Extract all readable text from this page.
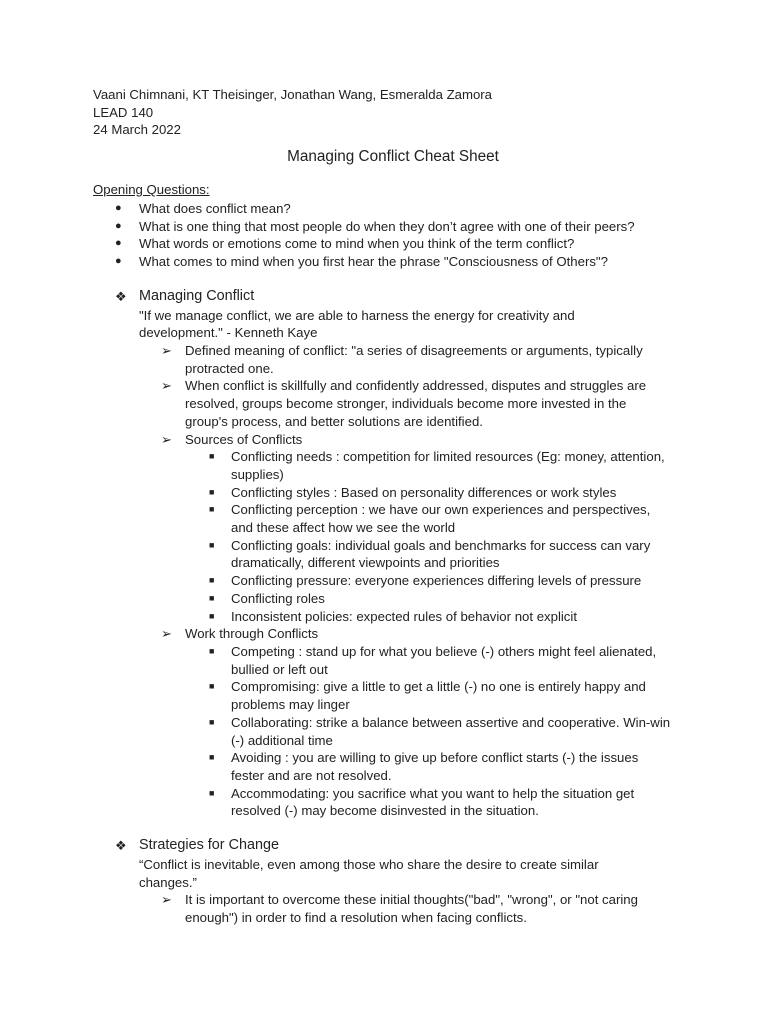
Vaani Chimnani, KT Theisinger, Jonathan Wang, Esmeralda Zamora
LEAD 140
24 March 2022
Managing Conflict Cheat Sheet
Opening Questions:
● What does conflict mean?
● What is one thing that most people do when they don’t agree with one of their peers?
● What words or emotions come to mind when you think of the term conflict?
● What comes to mind when you first hear the phrase "Consciousness of Others"?
❖ Managing Conflict
"If we manage conflict, we are able to harness the energy for creativity and development." - Kenneth Kaye
➢ Defined meaning of conflict: "a series of disagreements or arguments, typically protracted one.
➢ When conflict is skillfully and confidently addressed, disputes and struggles are resolved, groups become stronger, individuals become more invested in the group's process, and better solutions are identified.
➢ Sources of Conflicts
■ Conflicting needs : competition for limited resources (Eg: money, attention, supplies)
■ Conflicting styles : Based on personality differences or work styles
■ Conflicting perception : we have our own experiences and perspectives, and these affect how we see the world
■ Conflicting goals: individual goals and benchmarks for success can vary dramatically, different viewpoints and priorities
■ Conflicting pressure: everyone experiences differing levels of pressure
■ Conflicting roles
■ Inconsistent policies: expected rules of behavior not explicit
➢ Work through Conflicts
■ Competing : stand up for what you believe (-) others might feel alienated, bullied or left out
■ Compromising: give a little to get a little (-) no one is entirely happy and problems may linger
■ Collaborating: strike a balance between assertive and cooperative. Win-win (-) additional time
■ Avoiding : you are willing to give up before conflict starts (-) the issues fester and are not resolved.
■ Accommodating: you sacrifice what you want to help the situation get resolved (-) may become disinvested in the situation.
❖ Strategies for Change
“Conflict is inevitable, even among those who share the desire to create similar changes.”
➢ It is important to overcome these initial thoughts("bad", "wrong", or "not caring enough") in order to find a resolution when facing conflicts.
